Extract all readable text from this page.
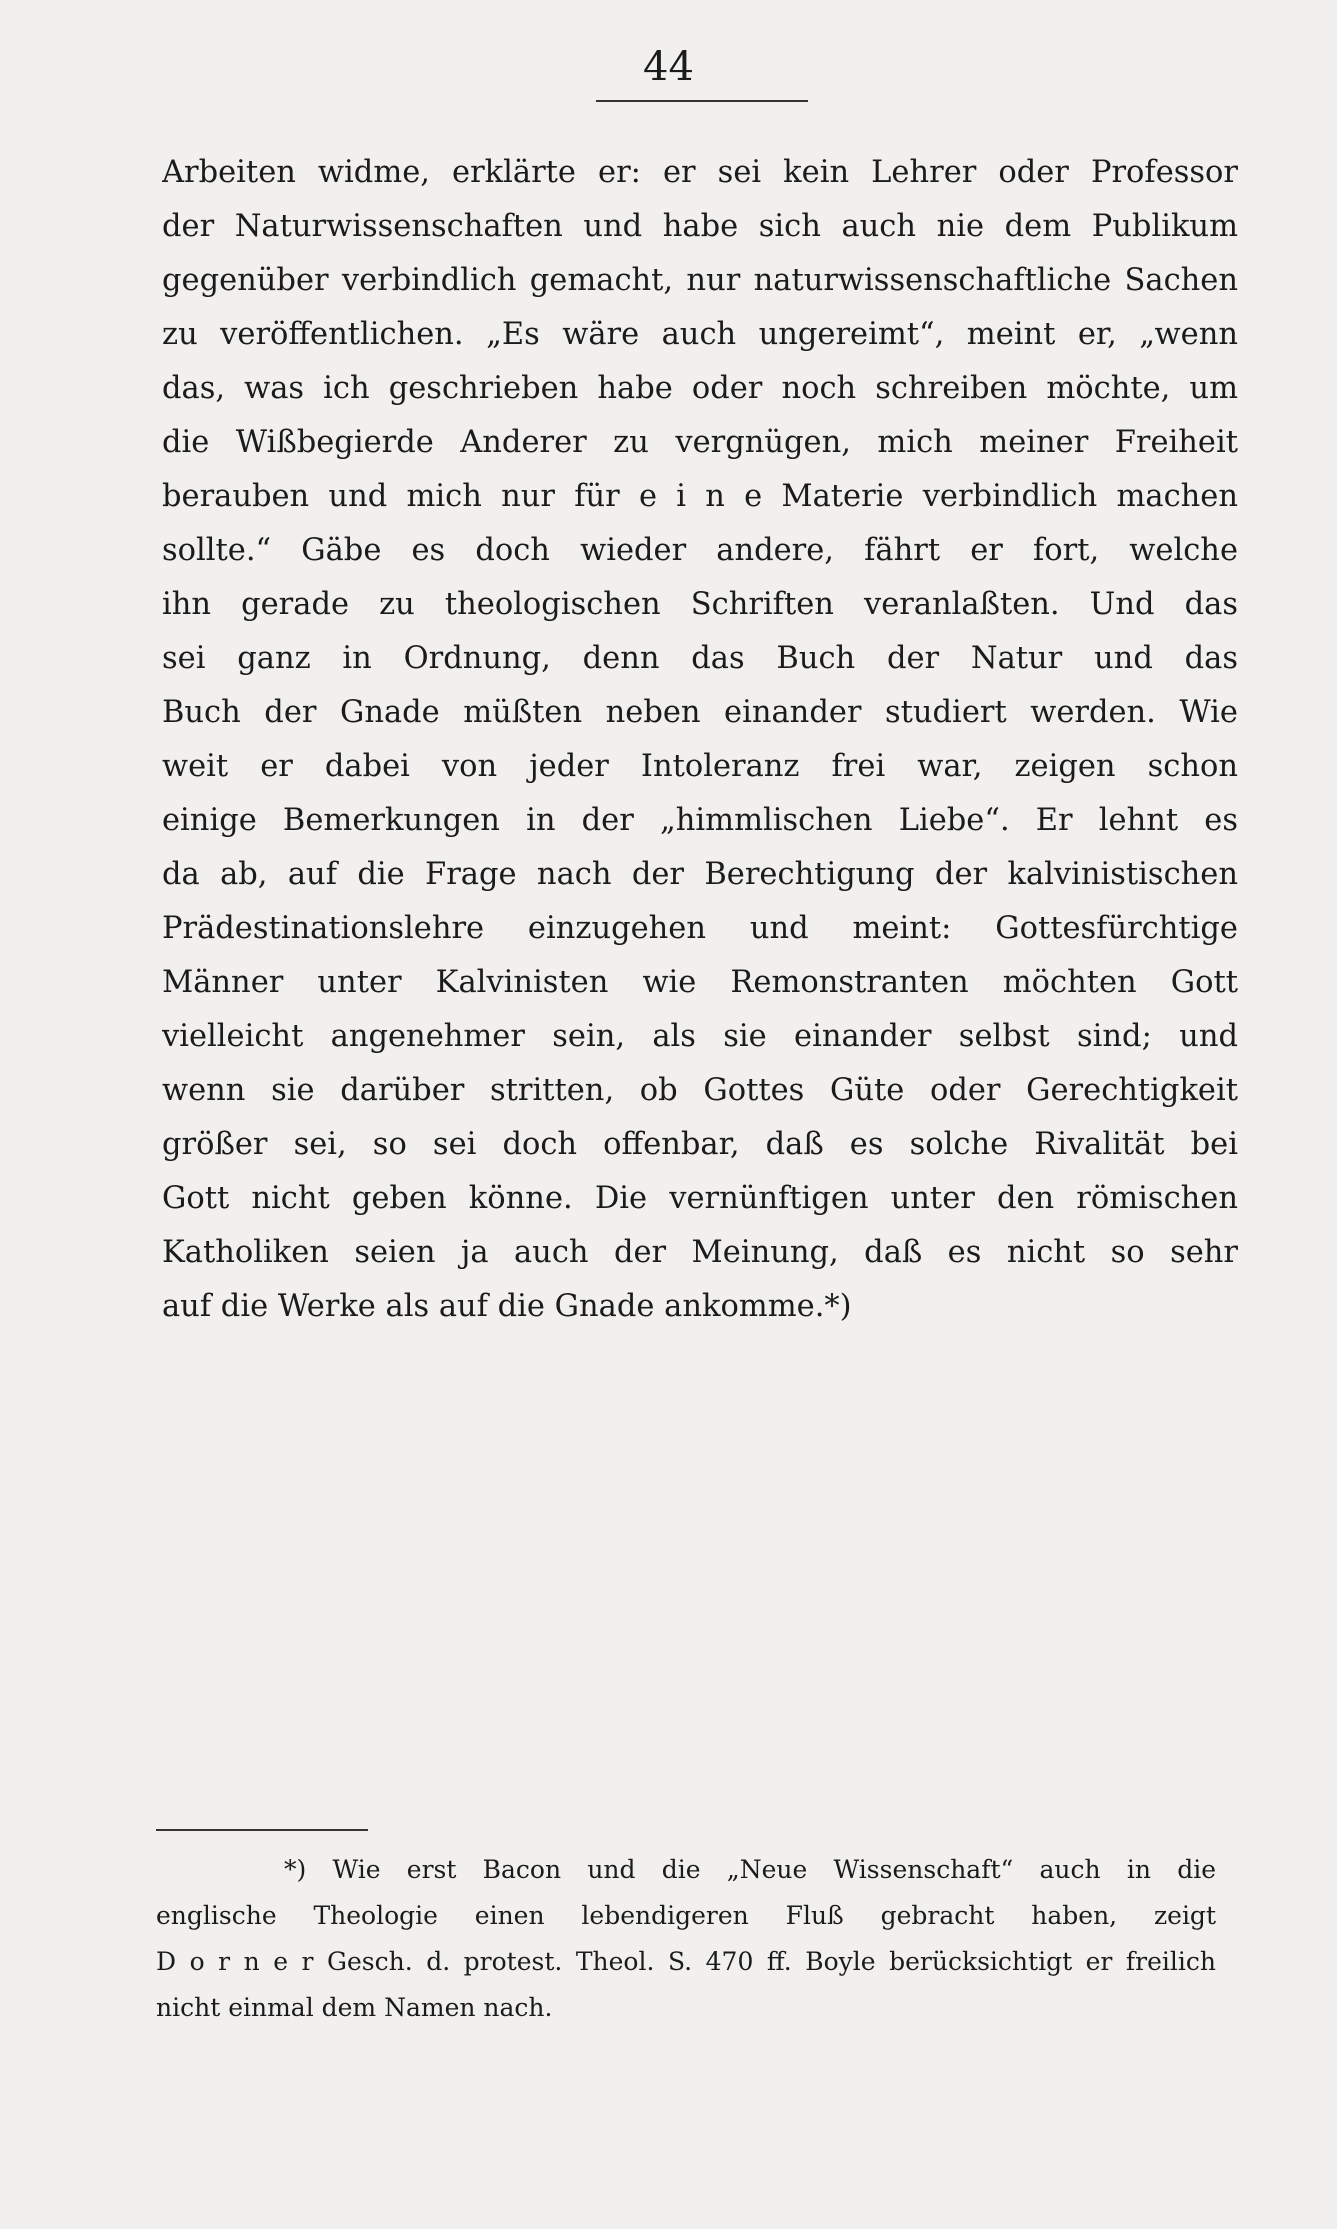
44
Arbeiten widme, erklärte er: er sei kein Lehrer oder Professor
der Naturwissenschaften und habe sich auch nie dem Publikum
gegenüber verbindlich gemacht, nur naturwissenschaftliche Sachen
zu veröffentlichen. „Es wäre auch ungereimt“, meint er, „wenn
das, was ich geschrieben habe oder noch schreiben möchte, um
die Wißbegierde Anderer zu vergnügen, mich meiner Freiheit
berauben und mich nur für e i n e Materie verbindlich machen
sollte.“ Gäbe es doch wieder andere, fährt er fort, welche
ihn gerade zu theologischen Schriften veranlaßten. Und das
sei ganz in Ordnung, denn das Buch der Natur und das
Buch der Gnade müßten neben einander studiert werden. Wie
weit er dabei von jeder Intoleranz frei war, zeigen schon
einige Bemerkungen in der „himmlischen Liebe“. Er lehnt es
da ab, auf die Frage nach der Berechtigung der kalvinistischen
Prädestinationslehre einzugehen und meint: Gottesfürchtige
Männer unter Kalvinisten wie Remonstranten möchten Gott
vielleicht angenehmer sein, als sie einander selbst sind; und
wenn sie darüber stritten, ob Gottes Güte oder Gerechtigkeit
größer sei, so sei doch offenbar, daß es solche Rivalität bei
Gott nicht geben könne. Die vernünftigen unter den römischen
Katholiken seien ja auch der Meinung, daß es nicht so sehr
auf die Werke als auf die Gnade ankomme.*)
*) Wie erst Bacon und die „Neue Wissenschaft“ auch in die
englische Theologie einen lebendigeren Fluß gebracht haben, zeigt
D o r n e r Gesch. d. protest. Theol. S. 470 ff. Boyle berücksichtigt er freilich
nicht einmal dem Namen nach.
